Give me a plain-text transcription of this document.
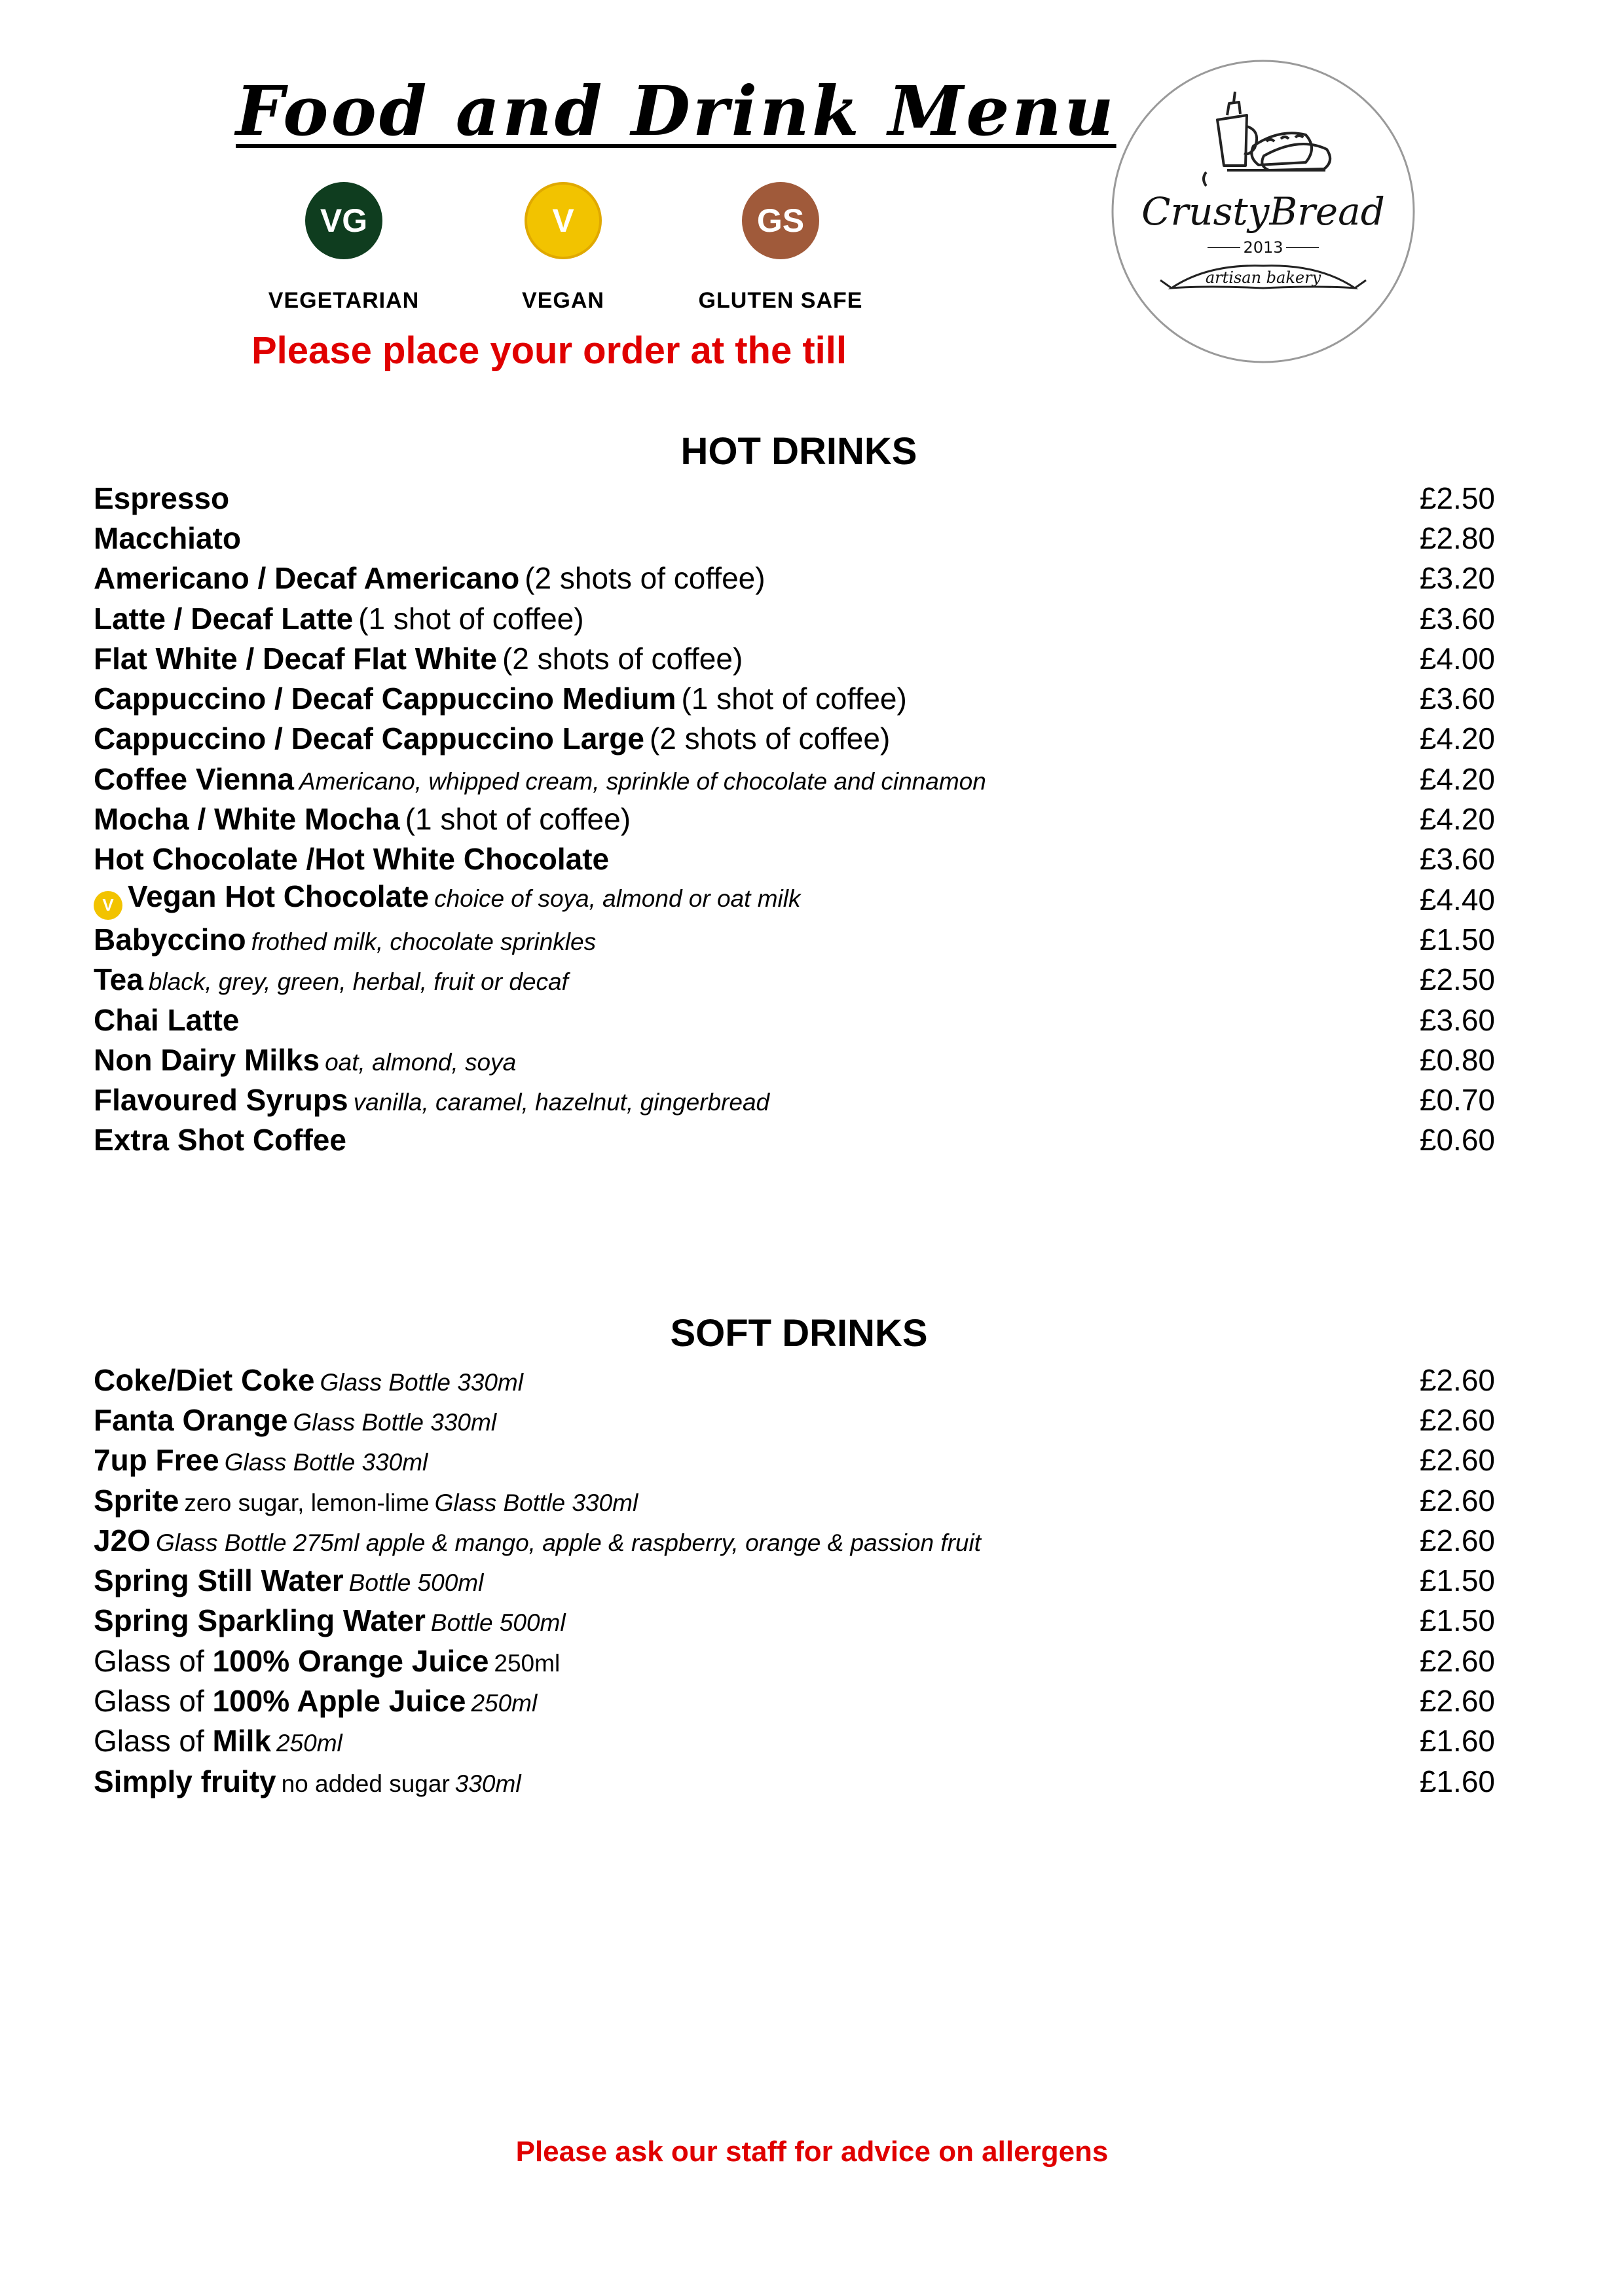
Food and Drink Menu
VG
VEGETARIAN
V
VEGAN
GS
GLUTEN SAFE
CrustyBread
2013
artisan bakery

Please place your order at the till

HOT DRINKS
Espresso	£2.50
Macchiato	£2.80
Americano / Decaf Americano (2 shots of coffee)	£3.20
Latte / Decaf Latte (1 shot of coffee)	£3.60
Flat White / Decaf Flat White (2 shots of coffee)	£4.00
Cappuccino / Decaf Cappuccino Medium (1 shot of coffee)	£3.60
Cappuccino / Decaf Cappuccino Large (2 shots of coffee)	£4.20
Coffee Vienna Americano, whipped cream, sprinkle of chocolate and cinnamon	£4.20
Mocha / White Mocha (1 shot of coffee)	£4.20
Hot Chocolate /Hot White Chocolate	£3.60
V Vegan Hot Chocolate choice of soya, almond or oat milk	£4.40
Babyccino frothed milk, chocolate sprinkles	£1.50
Tea black, grey, green, herbal, fruit or decaf	£2.50
Chai Latte	£3.60
Non Dairy Milks oat, almond, soya	£0.80
Flavoured Syrups vanilla, caramel, hazelnut, gingerbread	£0.70
Extra Shot Coffee	£0.60
SOFT DRINKS
Coke/Diet Coke Glass Bottle 330ml	£2.60
Fanta Orange Glass Bottle 330ml	£2.60
7up Free Glass Bottle 330ml	£2.60
Sprite zero sugar, lemon-lime Glass Bottle 330ml	£2.60
J2O Glass Bottle 275ml apple & mango, apple & raspberry, orange & passion fruit	£2.60
Spring Still Water Bottle 500ml	£1.50
Spring Sparkling Water Bottle 500ml	£1.50
Glass of 100% Orange Juice 250ml	£2.60
Glass of 100% Apple Juice 250ml	£2.60
Glass of Milk 250ml	£1.60
Simply fruity no added sugar 330ml	£1.60

Please ask our staff for advice on allergens
